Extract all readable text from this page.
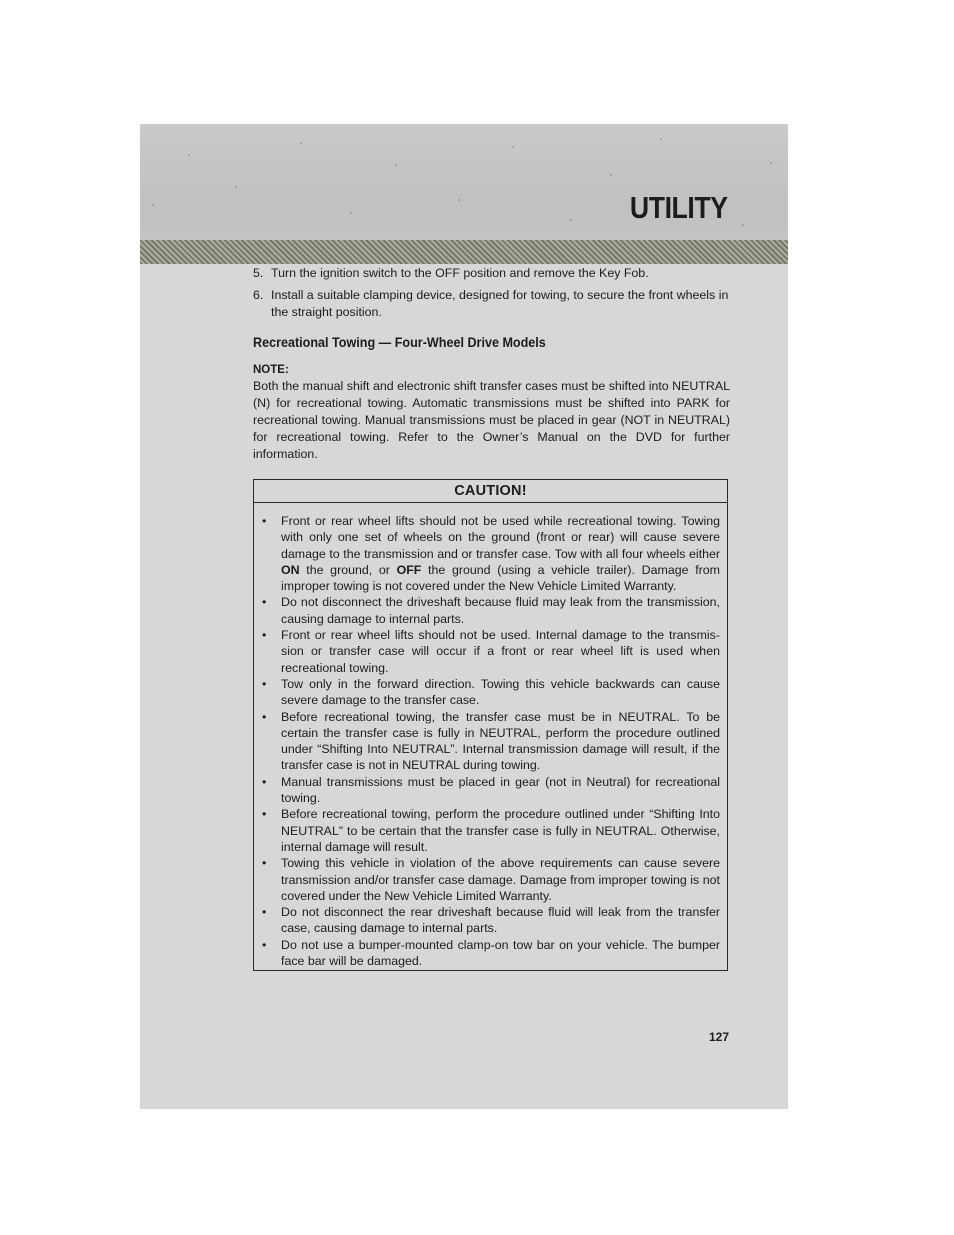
UTILITY
5. Turn the ignition switch to the OFF position and remove the Key Fob.
6. Install a suitable clamping device, designed for towing, to secure the front wheels in the straight position.
Recreational Towing — Four-Wheel Drive Models
NOTE:
Both the manual shift and electronic shift transfer cases must be shifted into NEUTRAL (N) for recreational towing. Automatic transmissions must be shifted into PARK for recreational towing. Manual transmissions must be placed in gear (NOT in NEUTRAL) for recreational towing. Refer to the Owner’s Manual on the DVD for further information.
CAUTION!
•	Front or rear wheel lifts should not be used while recreational towing. Towing with only one set of wheels on the ground (front or rear) will cause severe damage to the transmission and or transfer case. Tow with all four wheels either ON the ground, or OFF the ground (using a vehicle trailer). Damage from improper towing is not covered under the New Vehicle Limited Warranty.
•	Do not disconnect the driveshaft because fluid may leak from the transmission, causing damage to internal parts.
•	Front or rear wheel lifts should not be used. Internal damage to the transmis- sion or transfer case will occur if a front or rear wheel lift is used when recreational towing.
•	Tow only in the forward direction. Towing this vehicle backwards can cause severe damage to the transfer case.
•	Before recreational towing, the transfer case must be in NEUTRAL. To be certain the transfer case is fully in NEUTRAL, perform the procedure outlined under “Shifting Into NEUTRAL”. Internal transmission damage will result, if the transfer case is not in NEUTRAL during towing.
•	Manual transmissions must be placed in gear (not in Neutral) for recreational towing.
•	Before recreational towing, perform the procedure outlined under “Shifting Into NEUTRAL” to be certain that the transfer case is fully in NEUTRAL. Otherwise, internal damage will result.
•	Towing this vehicle in violation of the above requirements can cause severe transmission and/or transfer case damage. Damage from improper towing is not covered under the New Vehicle Limited Warranty.
•	Do not disconnect the rear driveshaft because fluid will leak from the transfer case, causing damage to internal parts.
•	Do not use a bumper-mounted clamp-on tow bar on your vehicle. The bumper face bar will be damaged.
127
